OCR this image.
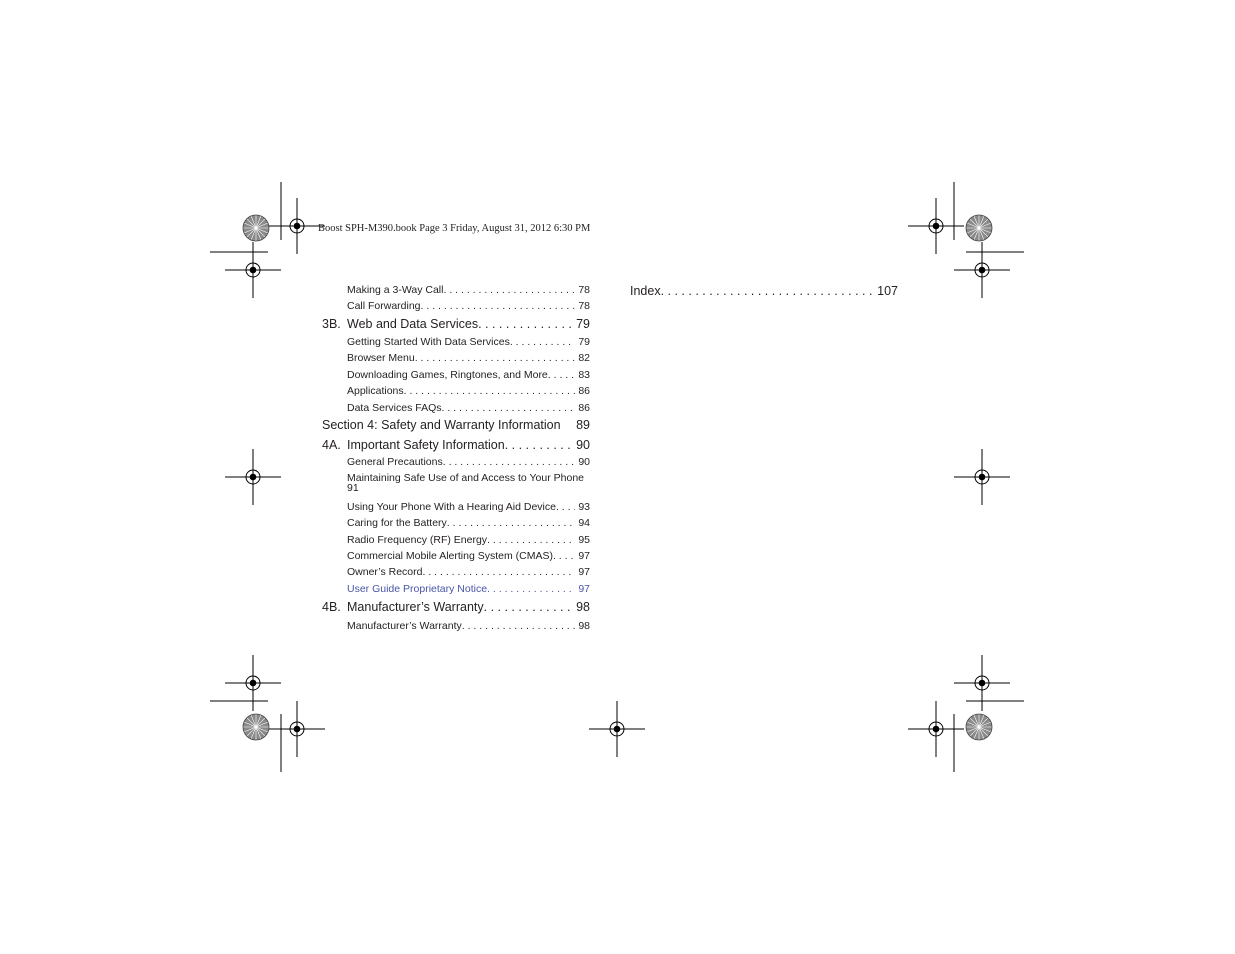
Boost SPH-M390.book Page 3 Friday, August 31, 2012 6:30 PM
Making a 3-Way Call . . .	78
Call Forwarding . . .	78
3B. Web and Data Services . . .	79
Getting Started With Data Services . . .	79
Browser Menu . . .	82
Downloading Games, Ringtones, and More . . .	83
Applications . . .	86
Data Services FAQs . . .	86
Section 4: Safety and Warranty Information 89
4A. Important Safety Information . . .	90
General Precautions . . .	90
Maintaining Safe Use of and Access to Your Phone
91
Using Your Phone With a Hearing Aid Device . . . 93
Caring for the Battery . . .	94
Radio Frequency (RF) Energy . . .	95
Commercial Mobile Alerting System (CMAS) . . . 97
Owner’s Record . . .	97
User Guide Proprietary Notice . . .	97
4B. Manufacturer’s Warranty . . .	98
Manufacturer’s Warranty . . .	98
Index . . .	107
